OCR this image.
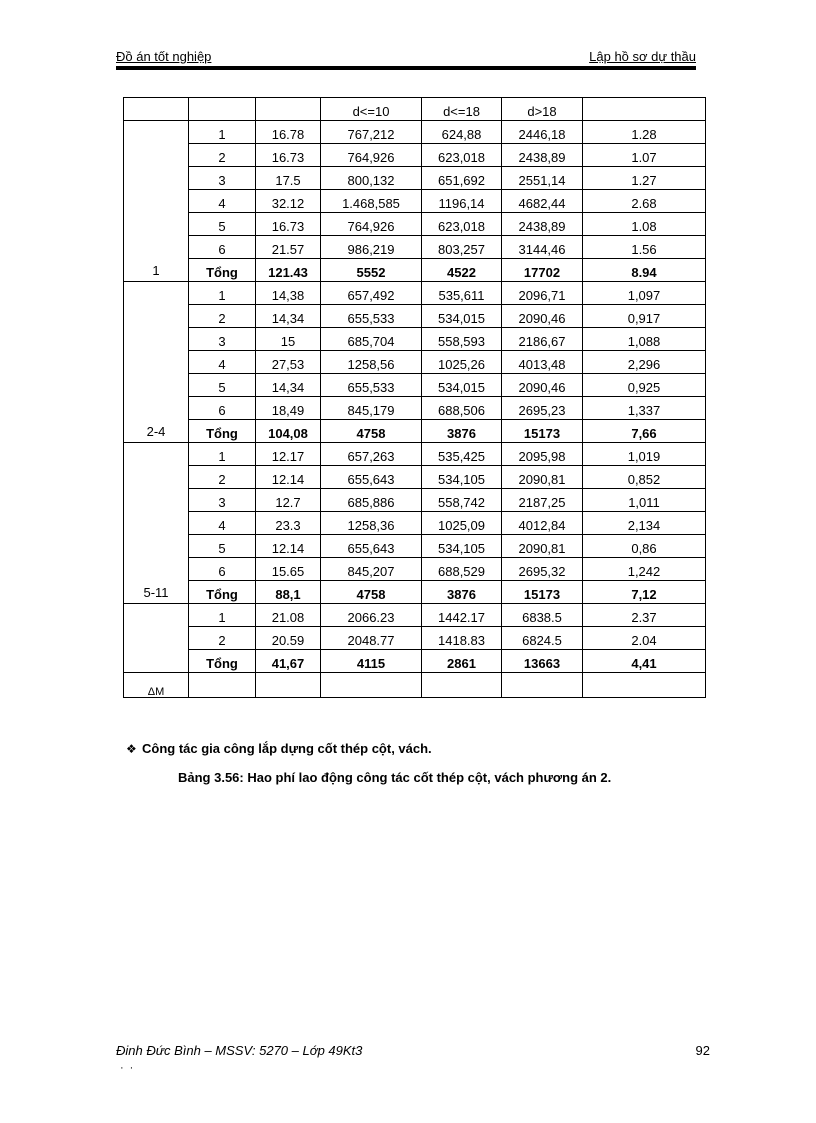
Đồ án tốt nghiệp	Lập hồ sơ dự thầu
			d<=10	d<=18	d>18	
1	1	16.78	767,212	624,88	2446,18	1.28
	2	16.73	764,926	623,018	2438,89	1.07
	3	17.5	800,132	651,692	2551,14	1.27
	4	32.12	1.468,585	1196,14	4682,44	2.68
	5	16.73	764,926	623,018	2438,89	1.08
	6	21.57	986,219	803,257	3144,46	1.56
	Tổng	121.43	5552	4522	17702	8.94
2-4	1	14,38	657,492	535,611	2096,71	1,097
	2	14,34	655,533	534,015	2090,46	0,917
	3	15	685,704	558,593	2186,67	1,088
	4	27,53	1258,56	1025,26	4013,48	2,296
	5	14,34	655,533	534,015	2090,46	0,925
	6	18,49	845,179	688,506	2695,23	1,337
	Tổng	104,08	4758	3876	15173	7,66
5-11	1	12.17	657,263	535,425	2095,98	1,019
	2	12.14	655,643	534,105	2090,81	0,852
	3	12.7	685,886	558,742	2187,25	1,011
	4	23.3	1258,36	1025,09	4012,84	2,134
	5	12.14	655,643	534,105	2090,81	0,86
	6	15.65	845,207	688,529	2695,32	1,242
	Tổng	88,1	4758	3876	15173	7,12
	1	21.08	2066.23	1442.17	6838.5	2.37
	2	20.59	2048.77	1418.83	6824.5	2.04
	Tổng	41,67	4115	2861	13663	4,41
ΔM						
❖ Công tác gia công lắp dựng cốt thép cột, vách.
Bảng 3.56: Hao phí lao động công tác cốt thép cột, vách phương án 2.
Đinh Đức Bình – MSSV: 5270 – Lớp 49Kt3	92
··
